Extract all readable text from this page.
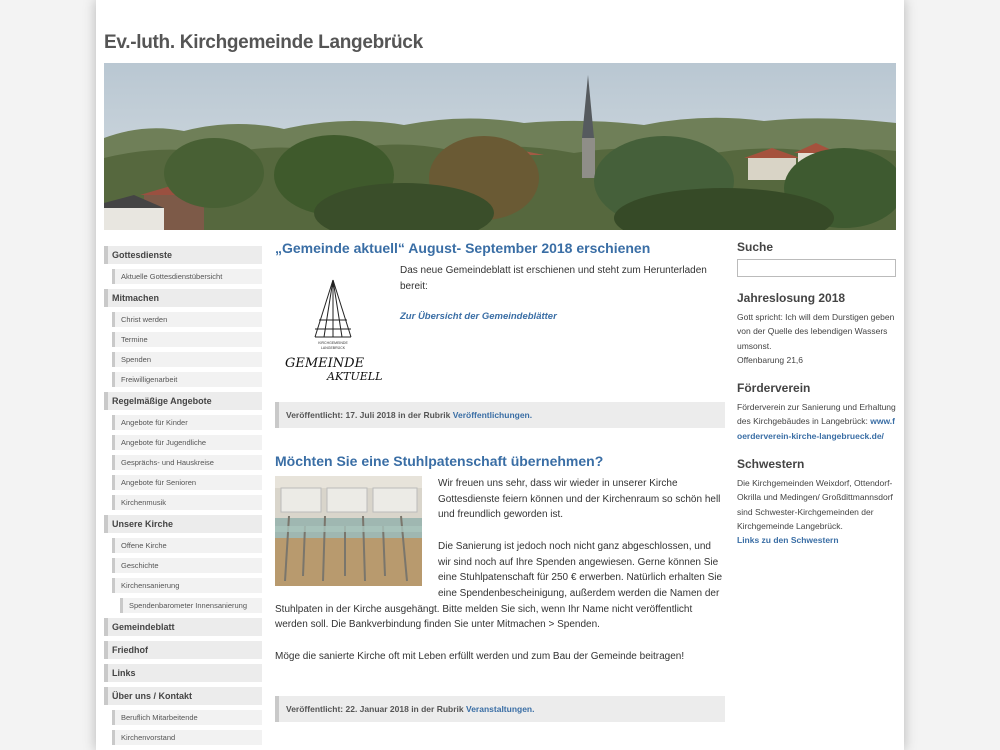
Ev.-luth. Kirchgemeinde Langebrück
Gottesdienste
Aktuelle Gottesdienstübersicht
Mitmachen
Christ werden
Termine
Spenden
Freiwilligenarbeit
Regelmäßige Angebote
Angebote für Kinder
Angebote für Jugendliche
Gesprächs- und Hauskreise
Angebote für Senioren
Kirchenmusik
Unsere Kirche
Offene Kirche
Geschichte
Kirchensanierung
Spendenbarometer Innensanierung
Gemeindeblatt
Friedhof
Links
Über uns / Kontakt
Beruflich Mitarbeitende
Kirchenvorstand
„Gemeinde aktuell“ August- September 2018 erschienen
KIRCHGEMEINDE
LANGEBRÜCK
GEMEINDE
AKTUELL

Das neue Gemeindeblatt ist erschienen und steht zum Herunterladen bereit:

Zur Übersicht der Gemeindeblätter

Veröffentlicht: 17. Juli 2018 in der Rubrik Veröffentlichungen.
Möchten Sie eine Stuhlpatenschaft übernehmen?

Wir freuen uns sehr, dass wir wieder in unserer Kirche Gottesdienste feiern können und der Kirchenraum so schön hell und freundlich geworden ist.

Die Sanierung ist jedoch noch nicht ganz abgeschlossen, und wir sind noch auf Ihre Spenden angewiesen. Gerne können Sie eine Stuhlpatenschaft für 250 € erwerben. Natürlich erhalten Sie eine Spendenbescheinigung, außerdem werden die Namen der Stuhlpaten in der Kirche ausgehängt. Bitte melden Sie sich, wenn Ihr Name nicht veröffentlicht werden soll. Die Bankverbindung finden Sie unter Mitmachen > Spenden.

Möge die sanierte Kirche oft mit Leben erfüllt werden und zum Bau der Gemeinde beitragen!

Veröffentlicht: 22. Januar 2018 in der Rubrik Veranstaltungen.
Suche
Jahreslosung 2018
Gott spricht: Ich will dem Durstigen geben von der Quelle des lebendigen Wassers umsonst.
Offenbarung 21,6
Förderverein
Förderverein zur Sanierung und Erhaltung des Kirchgebäudes in Langebrück: www.foerderverein-kirche-langebrueck.de/
Schwestern
Die Kirchgemeinden Weixdorf, Ottendorf-Okrilla und Medingen/ Großdittmannsdorf sind Schwester-Kirchgemeinden der Kirchgemeinde Langebrück.
Links zu den Schwestern
